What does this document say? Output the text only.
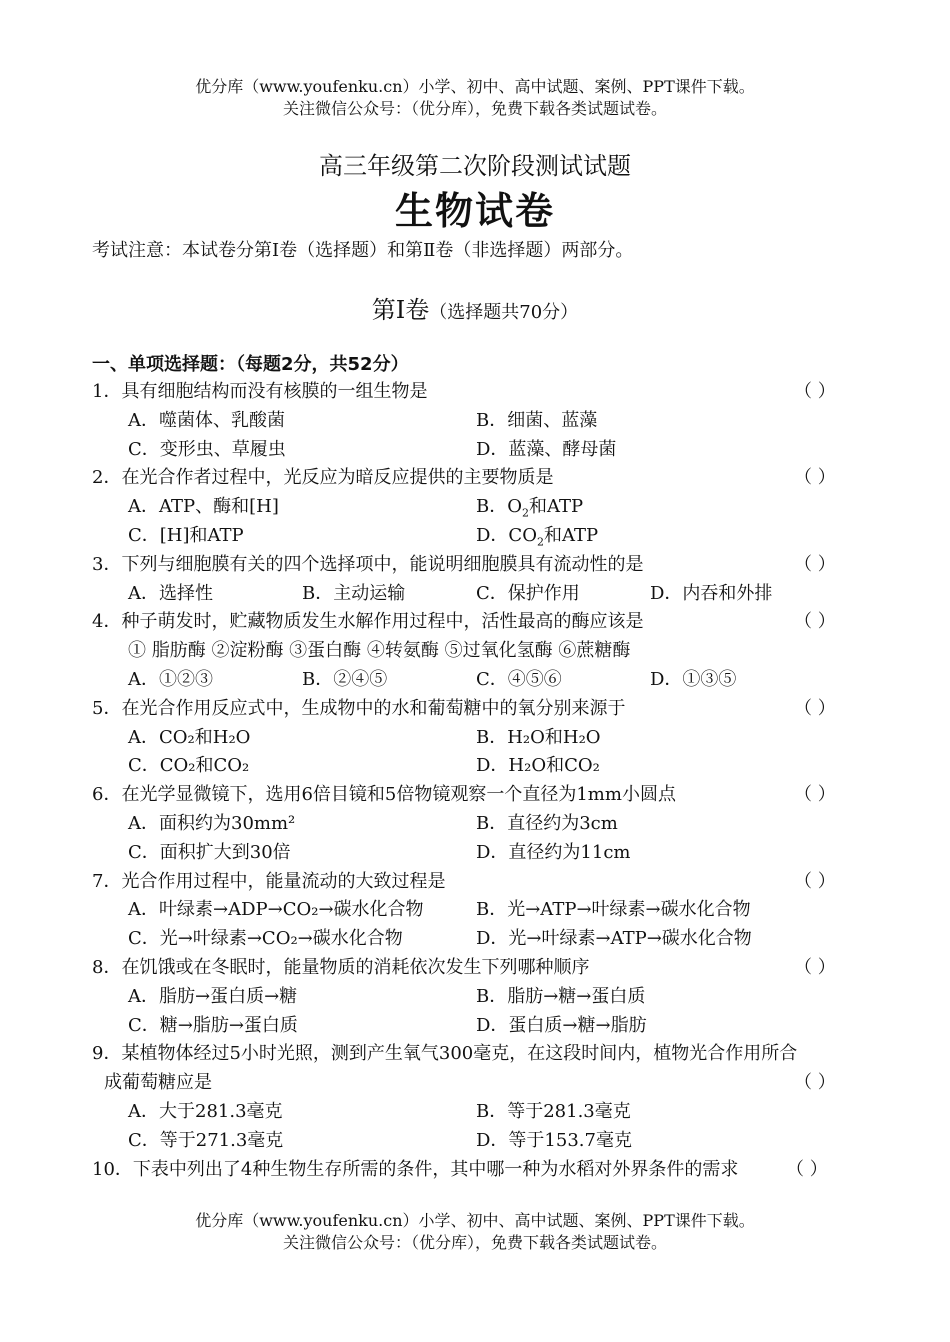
优分库（www.youfenku.cn）小学、初中、高中试题、案例、PPT课件下载。
关注微信公众号：（优分库），免费下载各类试题试卷。
高三年级第二次阶段测试试题
生物试卷
考试注意：本试卷分第Ⅰ卷（选择题）和第Ⅱ卷（非选择题）两部分。
第Ⅰ卷（选择题共70分）
一、单项选择题：（每题2分，共52分）
1．具有细胞结构而没有核膜的一组生物是	（ ）
A．噬菌体、乳酸菌	B．细菌、蓝藻
C．变形虫、草履虫	D．蓝藻、酵母菌
2．在光合作者过程中，光反应为暗反应提供的主要物质是	（ ）
A．ATP、酶和[H]	B．$O_2$和ATP
C．[H]和ATP	D．$CO_2$和ATP
3．下列与细胞膜有关的四个选择项中，能说明细胞膜具有流动性的是	（ ）
A．选择性	B．主动运输	C．保护作用	D．内吞和外排
4．种子萌发时，贮藏物质发生水解作用过程中，活性最高的酶应该是	（ ）
① 脂肪酶 ②淀粉酶 ③蛋白酶 ④转氨酶 ⑤过氧化氢酶 ⑥蔗糖酶
A．①②③	B．②④⑤	C．④⑤⑥	D．①③⑤
5．在光合作用反应式中，生成物中的水和葡萄糖中的氧分别来源于	（ ）
A．CO₂和H₂O	B．H₂O和H₂O
C．CO₂和CO₂	D．H₂O和CO₂
6．在光学显微镜下，选用6倍目镜和5倍物镜观察一个直径为1mm小圆点	（ ）
A．面积约为30mm²	B．直径约为3cm
C．面积扩大到30倍	D．直径约为11cm
7．光合作用过程中，能量流动的大致过程是	（ ）
A．叶绿素→ADP→CO₂→碳水化合物	B．光→ATP→叶绿素→碳水化合物
C．光→叶绿素→CO₂→碳水化合物	D．光→叶绿素→ATP→碳水化合物
8．在饥饿或在冬眠时，能量物质的消耗依次发生下列哪种顺序	（ ）
A．脂肪→蛋白质→糖	B．脂肪→糖→蛋白质
C．糖→脂肪→蛋白质	D．蛋白质→糖→脂肪
9．某植物体经过5小时光照，测到产生氧气300毫克，在这段时间内，植物光合作用所合
成葡萄糖应是	（ ）
A．大于281.3毫克	B．等于281.3毫克
C．等于271.3毫克	D．等于153.7毫克
10．下表中列出了4种生物生存所需的条件，其中哪一种为水稻对外界条件的需求	（ ）
优分库（www.youfenku.cn）小学、初中、高中试题、案例、PPT课件下载。
关注微信公众号：（优分库），免费下载各类试题试卷。
